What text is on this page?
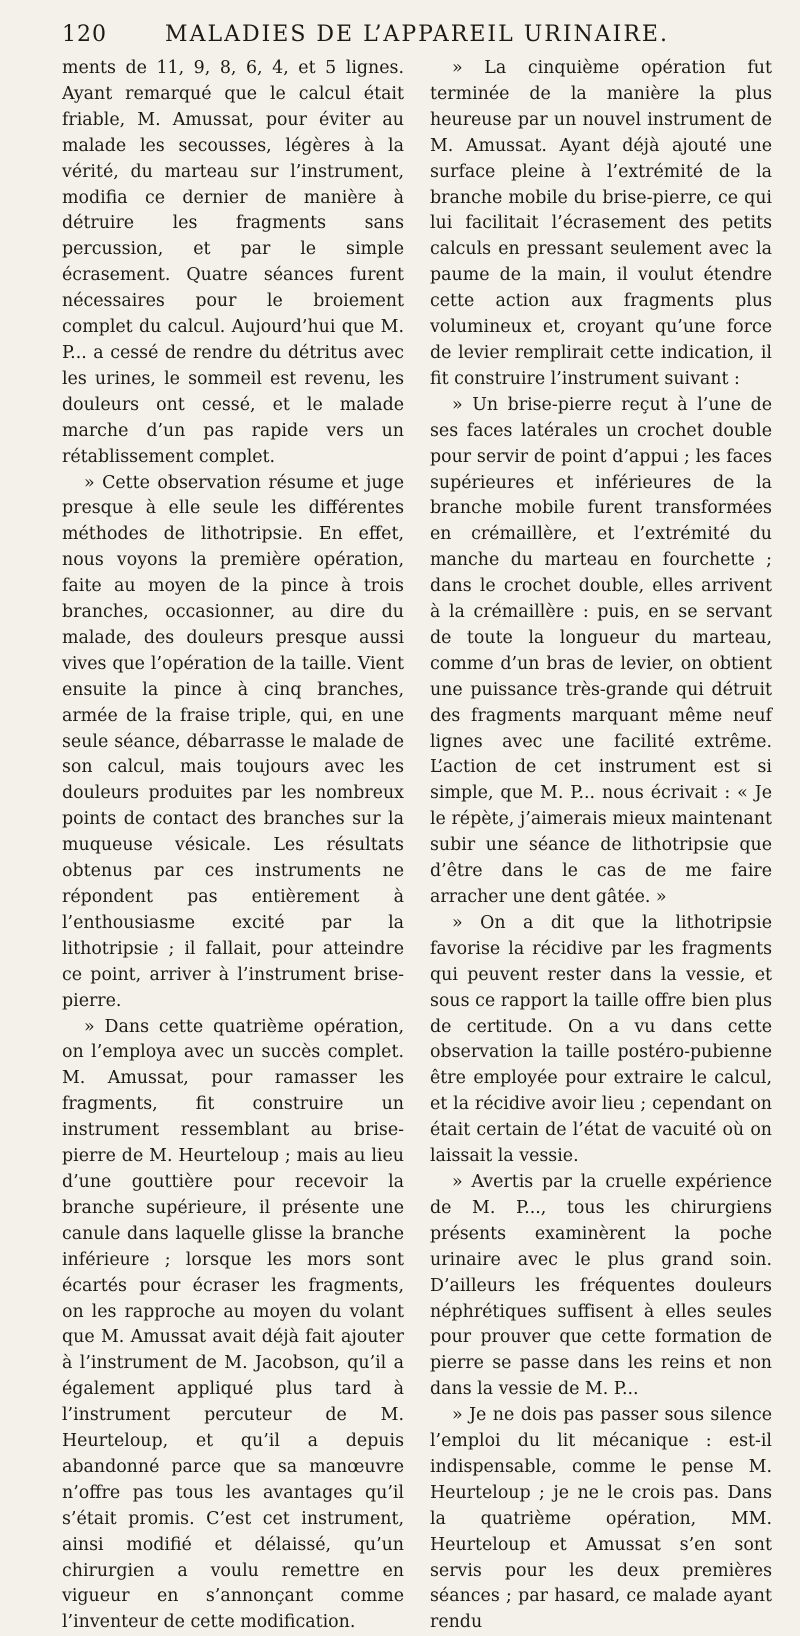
120	MALADIES DE L’APPAREIL URINAIRE.

ments de 11, 9, 8, 6, 4, et 5 lignes. Ayant remarqué que le calcul était friable, M. Amussat, pour éviter au malade les secousses, légères à la vérité, du marteau sur l’instrument, modifia ce dernier de manière à détruire les fragments sans percussion, et par le simple écrasement. Quatre séances furent nécessaires pour le broiement complet du calcul. Aujourd’hui que M. P... a cessé de rendre du détritus avec les urines, le sommeil est revenu, les douleurs ont cessé, et le malade marche d’un pas rapide vers un rétablissement complet.

» Cette observation résume et juge presque à elle seule les différentes méthodes de lithotripsie. En effet, nous voyons la première opération, faite au moyen de la pince à trois branches, occasionner, au dire du malade, des douleurs presque aussi vives que l’opération de la taille. Vient ensuite la pince à cinq branches, armée de la fraise triple, qui, en une seule séance, débarrasse le malade de son calcul, mais toujours avec les douleurs produites par les nombreux points de contact des branches sur la muqueuse vésicale. Les résultats obtenus par ces instruments ne répondent pas entièrement à l’enthousiasme excité par la lithotripsie ; il fallait, pour atteindre ce point, arriver à l’instrument brise-pierre.

» Dans cette quatrième opération, on l’employa avec un succès complet. M. Amussat, pour ramasser les fragments, fit construire un instrument ressemblant au brise-pierre de M. Heurteloup ; mais au lieu d’une gouttière pour recevoir la branche supérieure, il présente une canule dans laquelle glisse la branche inférieure ; lorsque les mors sont écartés pour écraser les fragments, on les rapproche au moyen du volant que M. Amussat avait déjà fait ajouter à l’instrument de M. Jacobson, qu’il a également appliqué plus tard à l’instrument percuteur de M. Heurteloup, et qu’il a depuis abandonné parce que sa manœuvre n’offre pas tous les avantages qu’il s’était promis. C’est cet instrument, ainsi modifié et délaissé, qu’un chirurgien a voulu remettre en vigueur en s’annonçant comme l’inventeur de cette modification.

» La cinquième opération fut terminée de la manière la plus heureuse par un nouvel instrument de M. Amussat. Ayant déjà ajouté une surface pleine à l’extrémité de la branche mobile du brise-pierre, ce qui lui facilitait l’écrasement des petits calculs en pressant seulement avec la paume de la main, il voulut étendre cette action aux fragments plus volumineux et, croyant qu’une force de levier remplirait cette indication, il fit construire l’instrument suivant :

» Un brise-pierre reçut à l’une de ses faces latérales un crochet double pour servir de point d’appui ; les faces supérieures et inférieures de la branche mobile furent transformées en crémaillère, et l’extrémité du manche du marteau en fourchette ; dans le crochet double, elles arrivent à la crémaillère : puis, en se servant de toute la longueur du marteau, comme d’un bras de levier, on obtient une puissance très-grande qui détruit des fragments marquant même neuf lignes avec une facilité extrême. L’action de cet instrument est si simple, que M. P... nous écrivait : « Je le répète, j’aimerais mieux maintenant subir une séance de lithotripsie que d’être dans le cas de me faire arracher une dent gâtée. »

» On a dit que la lithotripsie favorise la récidive par les fragments qui peuvent rester dans la vessie, et sous ce rapport la taille offre bien plus de certitude. On a vu dans cette observation la taille postéro-pubienne être employée pour extraire le calcul, et la récidive avoir lieu ; cependant on était certain de l’état de vacuité où on laissait la vessie.

» Avertis par la cruelle expérience de M. P..., tous les chirurgiens présents examinèrent la poche urinaire avec le plus grand soin. D’ailleurs les fréquentes douleurs néphrétiques suffisent à elles seules pour prouver que cette formation de pierre se passe dans les reins et non dans la vessie de M. P...

» Je ne dois pas passer sous silence l’emploi du lit mécanique : est-il indispensable, comme le pense M. Heurteloup ; je ne le crois pas. Dans la quatrième opération, MM. Heurteloup et Amussat s’en sont servis pour les deux premières séances ; par hasard, ce malade ayant rendu
